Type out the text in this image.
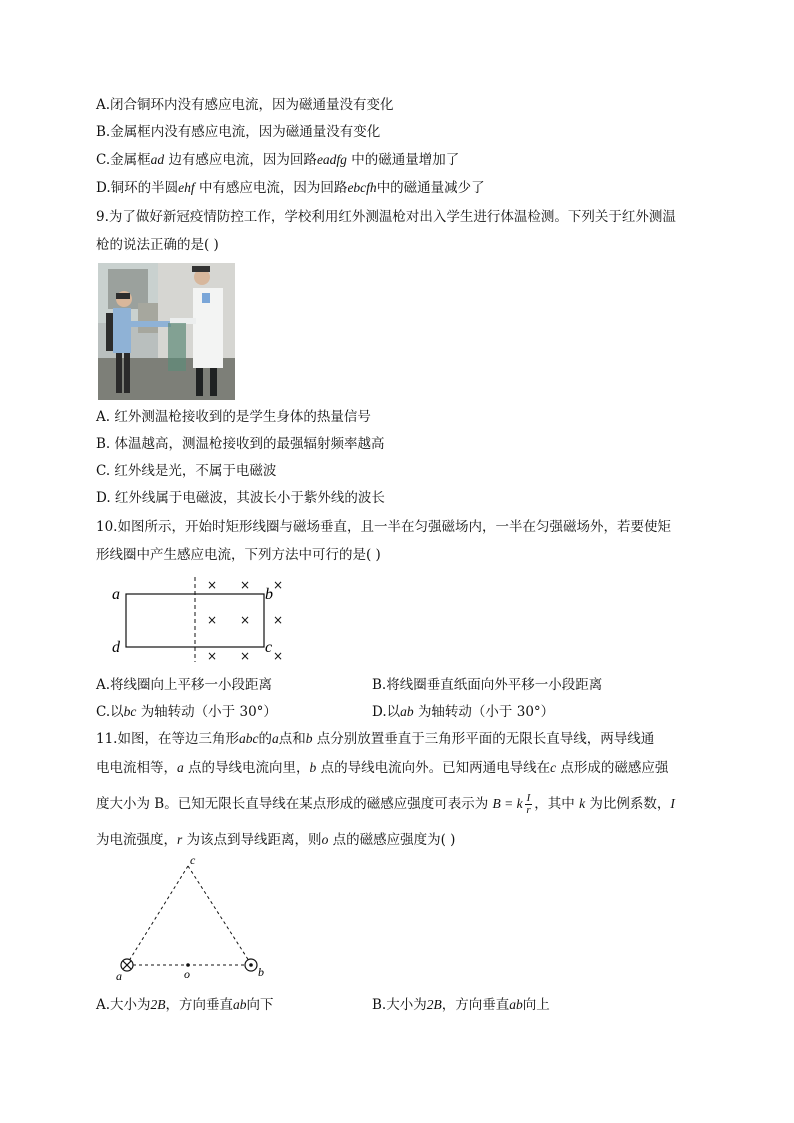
A.闭合铜环内没有感应电流，因为磁通量没有变化
B.金属框内没有感应电流，因为磁通量没有变化
C.金属框ad 边有感应电流，因为回路eadfg 中的磁通量增加了
D.铜环的半圆ehf 中有感应电流，因为回路ebcfh中的磁通量减少了
9.为了做好新冠疫情防控工作，学校利用红外测温枪对出入学生进行体温检测。下列关于红外测温
枪的说法正确的是( )
A. 红外测温枪接收到的是学生身体的热量信号
B. 体温越高，测温枪接收到的最强辐射频率越高
C. 红外线是光，不属于电磁波
D. 红外线属于电磁波，其波长小于紫外线的波长
10.如图所示，开始时矩形线圈与磁场垂直，且一半在匀强磁场内，一半在匀强磁场外，若要使矩
形线圈中产生感应电流，下列方法中可行的是( )
a
d
b
c
× × ×
× × ×
× × ×
A.将线圈向上平移一小段距离	B.将线圈垂直纸面向外平移一小段距离
C.以bc 为轴转动（小于 30°）	D.以ab 为轴转动（小于 30°）
11.如图，在等边三角形abc的a点和b 点分别放置垂直于三角形平面的无限长直导线，两导线通
电电流相等，a 点的导线电流向里，b 点的导线电流向外。已知两通电导线在c 点形成的磁感应强
度大小为 B。已知无限长直导线在某点形成的磁感应强度可表示为 B = k $\frac{I}{r}$ ，其中 k 为比例系数，I
为电流强度，r 为该点到导线距离，则o 点的磁感应强度为( )
c
a	b
o
A.大小为2B，方向垂直ab向下	B.大小为2B，方向垂直ab向上
